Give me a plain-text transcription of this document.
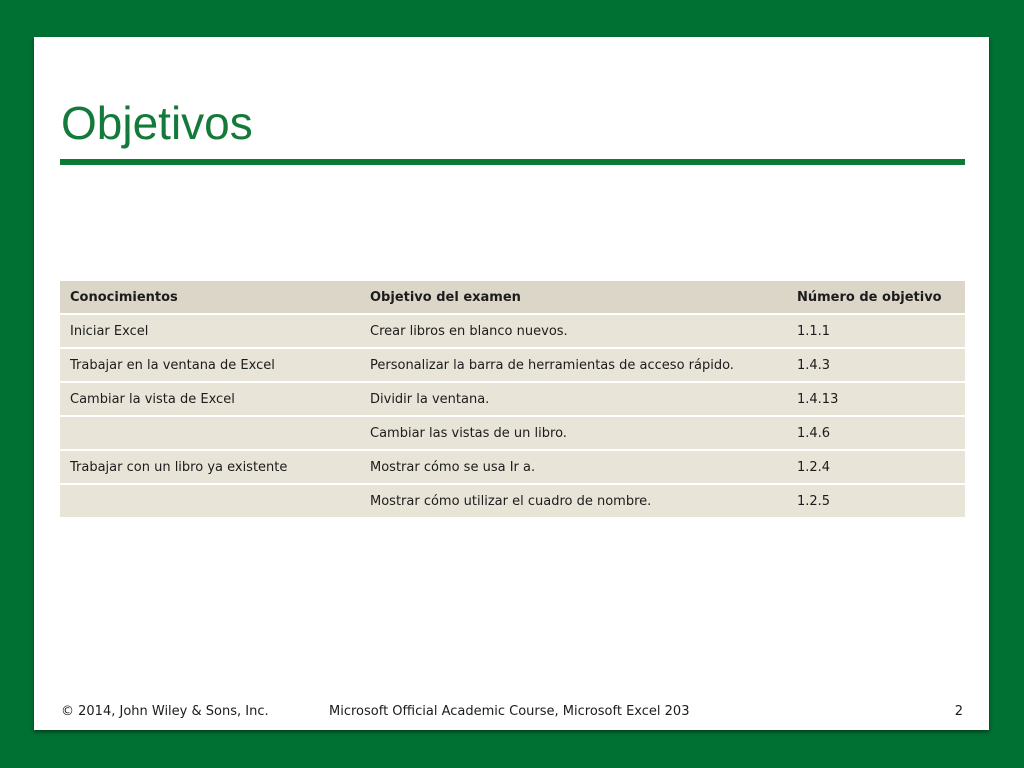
Objetivos
Conocimientos	Objetivo del examen	Número de objetivo
Iniciar Excel	Crear libros en blanco nuevos.	1.1.1
Trabajar en la ventana de Excel	Personalizar la barra de herramientas de acceso rápido.	1.4.3
Cambiar la vista de Excel	Dividir la ventana.	1.4.13
	Cambiar las vistas de un libro.	1.4.6
Trabajar con un libro ya existente	Mostrar cómo se usa Ir a.	1.2.4
	Mostrar cómo utilizar el cuadro de nombre.	1.2.5
© 2014, John Wiley & Sons, Inc.	Microsoft Official Academic Course, Microsoft Excel 203	2
